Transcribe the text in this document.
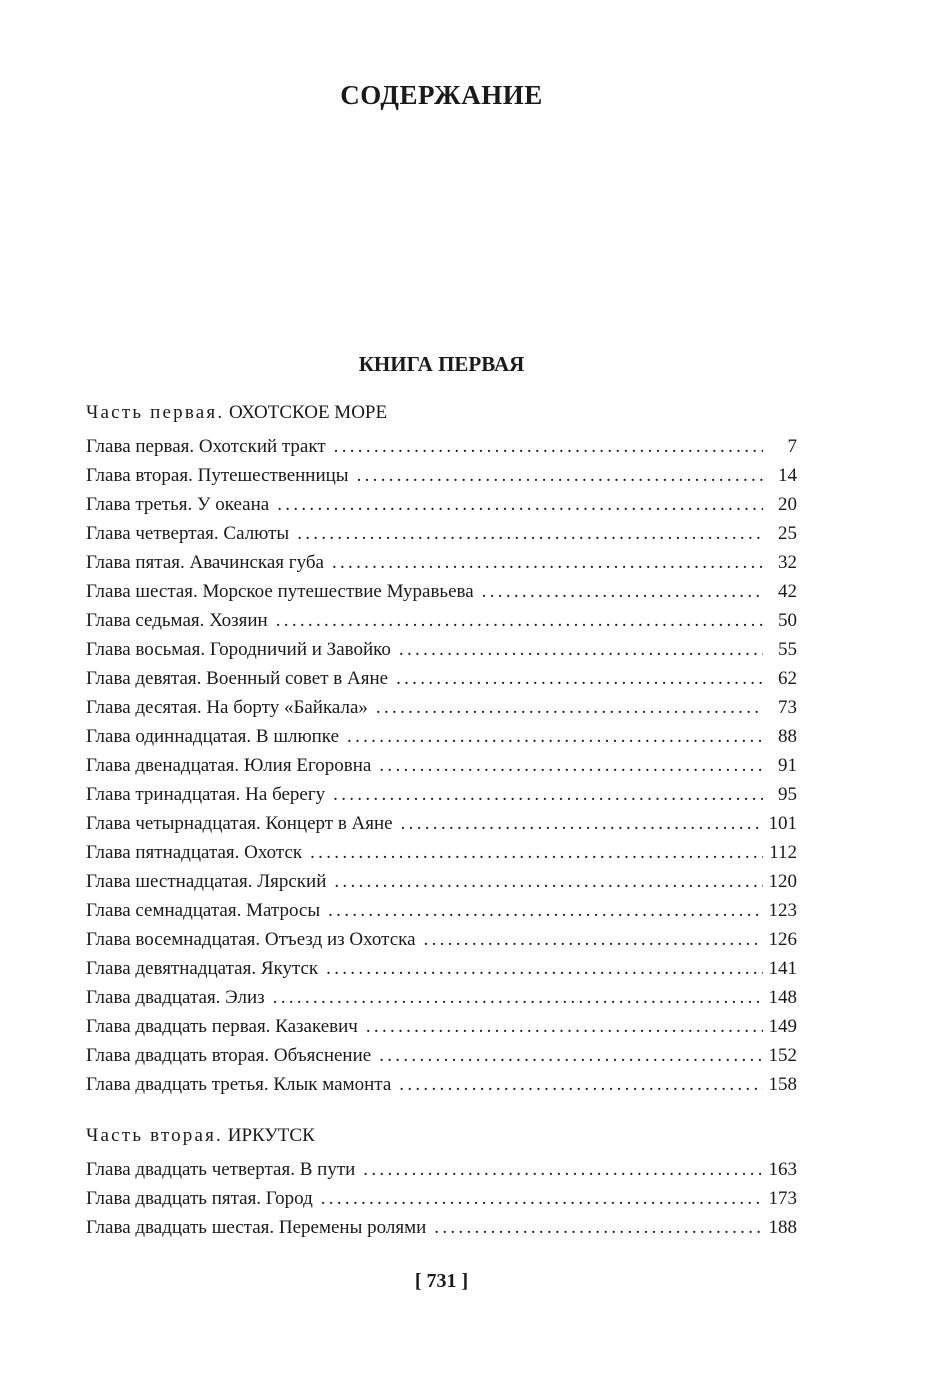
СОДЕРЖАНИЕ
КНИГА ПЕРВАЯ
Часть первая. ОХОТСКОЕ МОРЕ
Глава первая. Охотский тракт .....	7
Глава вторая. Путешественницы .....	14
Глава третья. У океана .....	20
Глава четвертая. Салюты .....	25
Глава пятая. Авачинская губа .....	32
Глава шестая. Морское путешествие Муравьева .....	42
Глава седьмая. Хозяин .....	50
Глава восьмая. Городничий и Завойко .....	55
Глава девятая. Военный совет в Аяне .....	62
Глава десятая. На борту «Байкала» .....	73
Глава одиннадцатая. В шлюпке .....	88
Глава двенадцатая. Юлия Егоровна .....	91
Глава тринадцатая. На берегу .....	95
Глава четырнадцатая. Концерт в Аяне .....	101
Глава пятнадцатая. Охотск .....	112
Глава шестнадцатая. Лярский .....	120
Глава семнадцатая. Матросы .....	123
Глава восемнадцатая. Отъезд из Охотска .....	126
Глава девятнадцатая. Якутск .....	141
Глава двадцатая. Элиз .....	148
Глава двадцать первая. Казакевич .....	149
Глава двадцать вторая. Объяснение .....	152
Глава двадцать третья. Клык мамонта .....	158
Часть вторая. ИРКУТСК
Глава двадцать четвертая. В пути .....	163
Глава двадцать пятая. Город .....	173
Глава двадцать шестая. Перемены ролями .....	188
[ 731 ]
